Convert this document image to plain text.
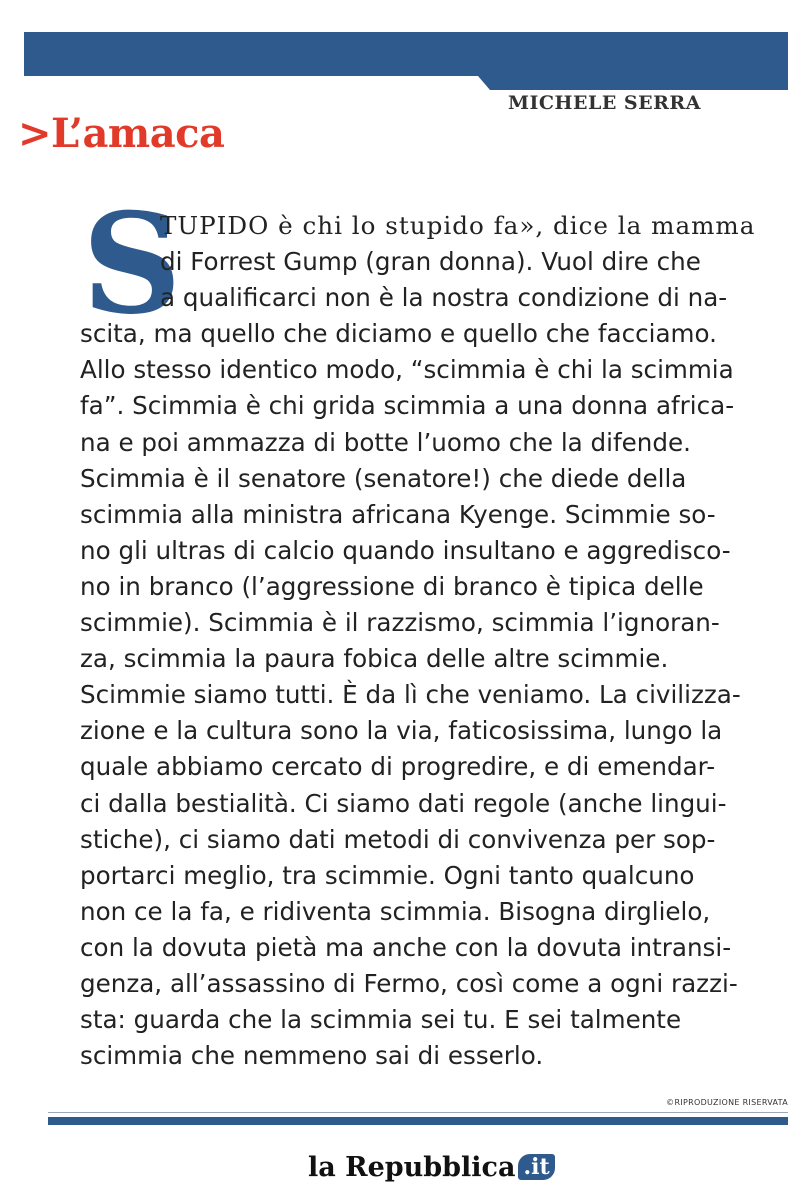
MICHELE SERRA
>L’amaca
S
TUPIDO è chi lo stupido fa», dice la mamma
di Forrest Gump (gran donna). Vuol dire che
a qualificarci non è la nostra condizione di na-
scita, ma quello che diciamo e quello che facciamo.
Allo stesso identico modo, “scimmia è chi la scimmia
fa”. Scimmia è chi grida scimmia a una donna africa-
na e poi ammazza di botte l’uomo che la difende.
Scimmia è il senatore (senatore!) che diede della
scimmia alla ministra africana Kyenge. Scimmie so-
no gli ultras di calcio quando insultano e aggredisco-
no in branco (l’aggressione di branco è tipica delle
scimmie). Scimmia è il razzismo, scimmia l’ignoran-
za, scimmia la paura fobica delle altre scimmie.
Scimmie siamo tutti. È da lì che veniamo. La civilizza-
zione e la cultura sono la via, faticosissima, lungo la
quale abbiamo cercato di progredire, e di emendar-
ci dalla bestialità. Ci siamo dati regole (anche lingui-
stiche), ci siamo dati metodi di convivenza per sop-
portarci meglio, tra scimmie. Ogni tanto qualcuno
non ce la fa, e ridiventa scimmia. Bisogna dirglielo,
con la dovuta pietà ma anche con la dovuta intransi-
genza, all’assassino di Fermo, così come a ogni razzi-
sta: guarda che la scimmia sei tu. E sei talmente
scimmia che nemmeno sai di esserlo.
©RIPRODUZIONE RISERVATA
la Repubblica .it
